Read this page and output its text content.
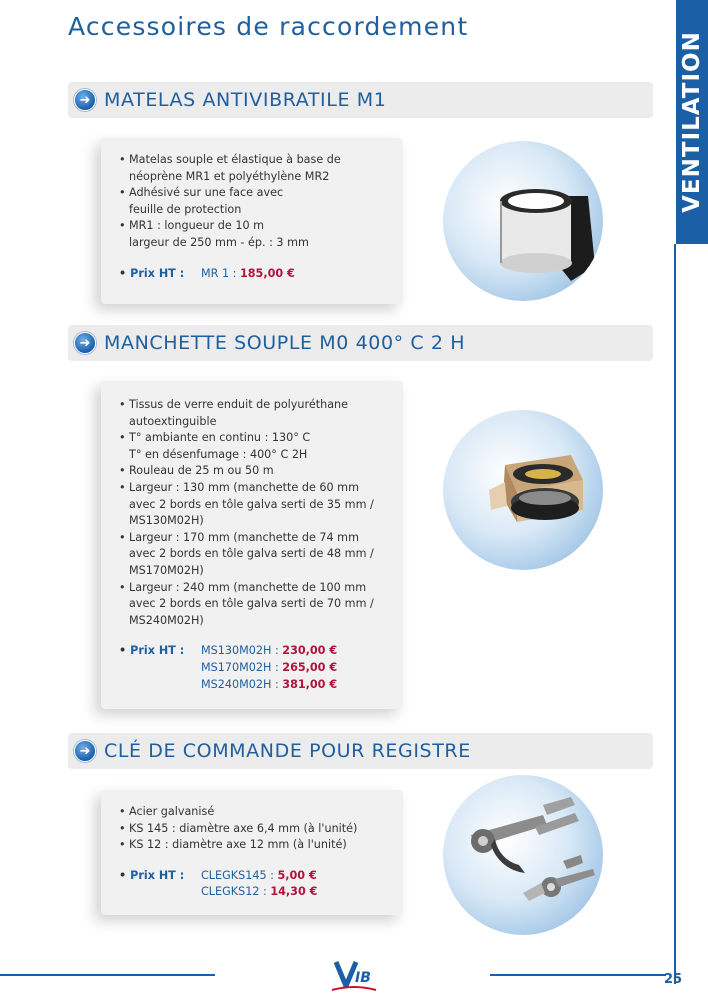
Accessoires de raccordement
VENTILATION
➜ MATELAS ANTIVIBRATILE M1
• Matelas souple et élastique à base de
néoprène MR1 et polyéthylène MR2
• Adhésivé sur une face avec
feuille de protection
• MR1 : longueur de 10 m
largeur de 250 mm - ép. : 3 mm
• Prix HT :	MR 1 : 185,00 €
➜ MANCHETTE SOUPLE M0 400° C 2 H
• Tissus de verre enduit de polyuréthane
autoextinguible
• T° ambiante en continu : 130° C
T° en désenfumage : 400° C 2H
• Rouleau de 25 m ou 50 m
• Largeur : 130 mm (manchette de 60 mm
avec 2 bords en tôle galva serti de 35 mm /
MS130M02H)
• Largeur : 170 mm (manchette de 74 mm
avec 2 bords en tôle galva serti de 48 mm /
MS170M02H)
• Largeur : 240 mm (manchette de 100 mm
avec 2 bords en tôle galva serti de 70 mm /
MS240M02H)
• Prix HT :	MS130M02H : 230,00 €
MS170M02H : 265,00 €
MS240M02H : 381,00 €
➜ CLÉ DE COMMANDE POUR REGISTRE
• Acier galvanisé
• KS 145 : diamètre axe 6,4 mm (à l'unité)
• KS 12 : diamètre axe 12 mm (à l'unité)
• Prix HT :	CLEGKS145 : 5,00 €
CLEGKS12 : 14,30 €
IB	25
